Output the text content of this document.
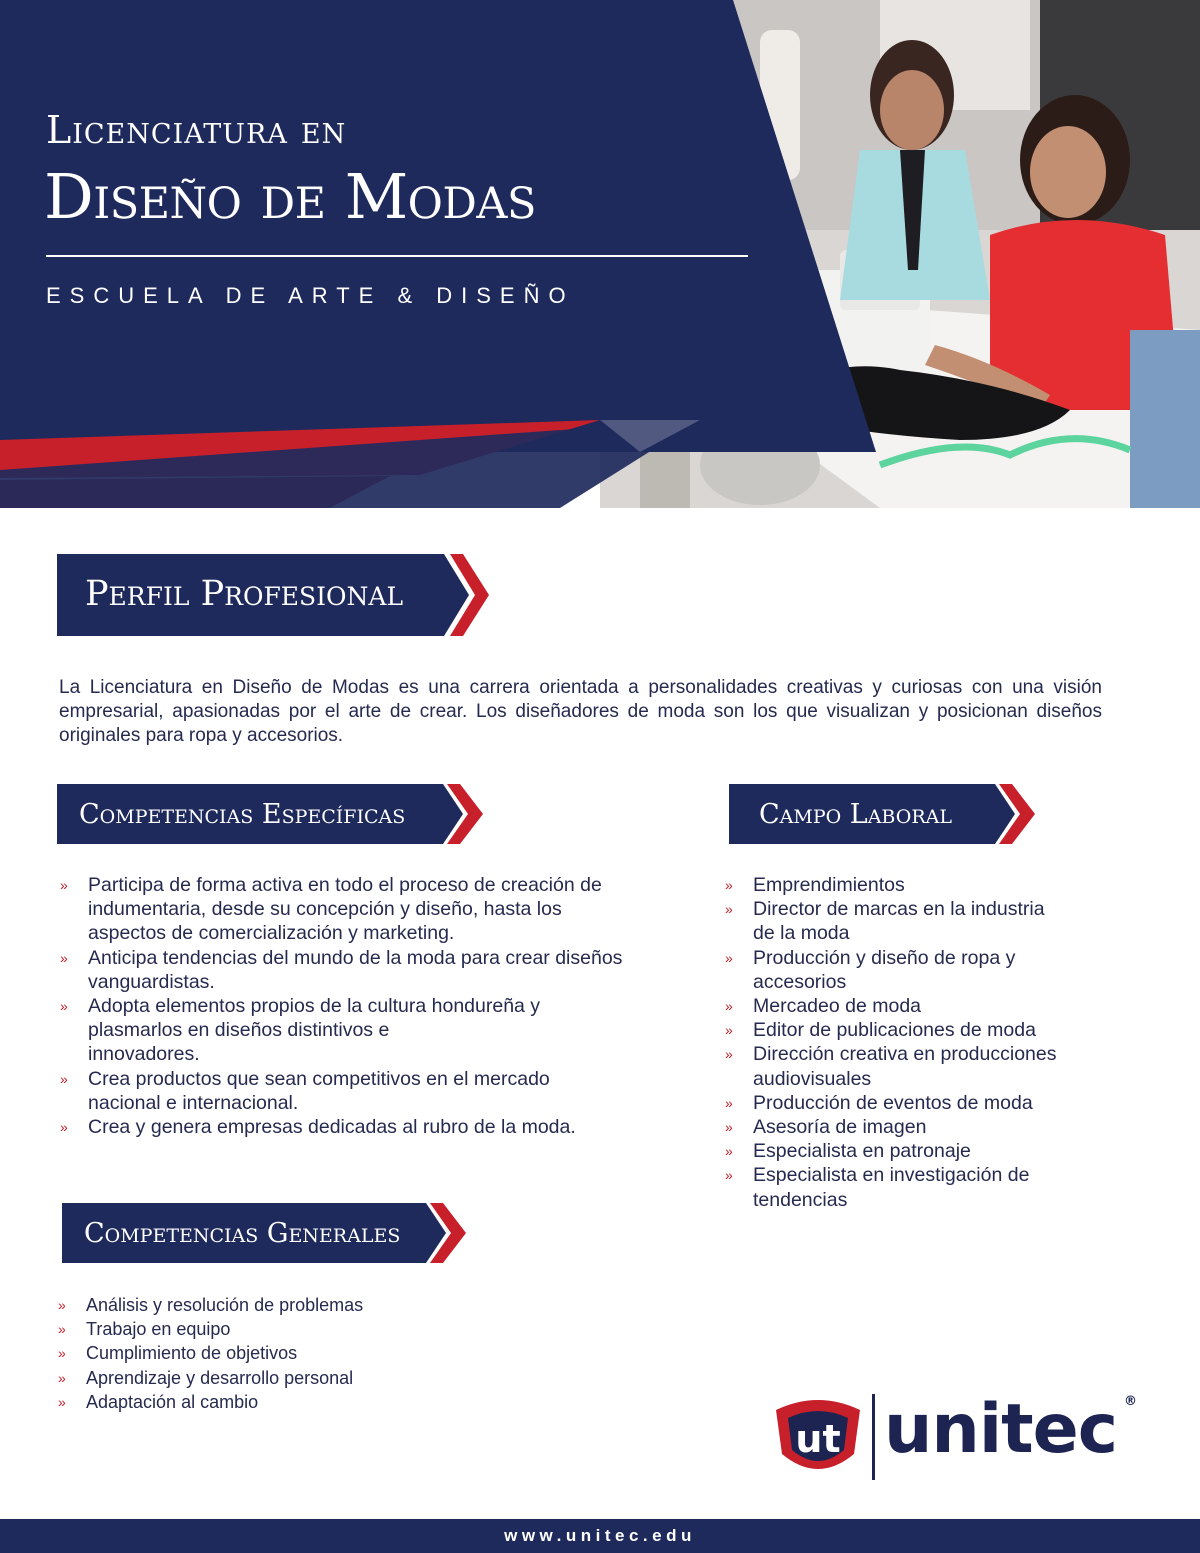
Licenciatura en
Diseño de Modas
ESCUELA DE ARTE & DISEÑO
Perfil Profesional

La Licenciatura en Diseño de Modas es una carrera orientada a personalidades creativas y curiosas con una visión empresarial, apasionadas por el arte de crear. Los diseñadores de moda son los que visualizan y posicionan diseños originales para ropa y accesorios.

Competencias Específicas
» Participa de forma activa en todo el proceso de creación de
indumentaria, desde su concepción y diseño, hasta los
aspectos de comercialización y marketing.
» Anticipa tendencias del mundo de la moda para crear diseños
vanguardistas.
» Adopta elementos propios de la cultura hondureña y
plasmarlos en diseños distintivos e
innovadores.
» Crea productos que sean competitivos en el mercado
nacional e internacional.
» Crea y genera empresas dedicadas al rubro de la moda.
Campo Laboral
» Emprendimientos
» Director de marcas en la industria
de la moda
» Producción y diseño de ropa y
accesorios
» Mercadeo de moda
» Editor de publicaciones de moda
» Dirección creativa en producciones
audiovisuales
» Producción de eventos de moda
» Asesoría de imagen
» Especialista en patronaje
» Especialista en investigación de
tendencias
Competencias Generales
» Análisis y resolución de problemas
» Trabajo en equipo
» Cumplimiento de objetivos
» Aprendizaje y desarrollo personal
» Adaptación al cambio
ut unitec ®
www.unitec.edu
